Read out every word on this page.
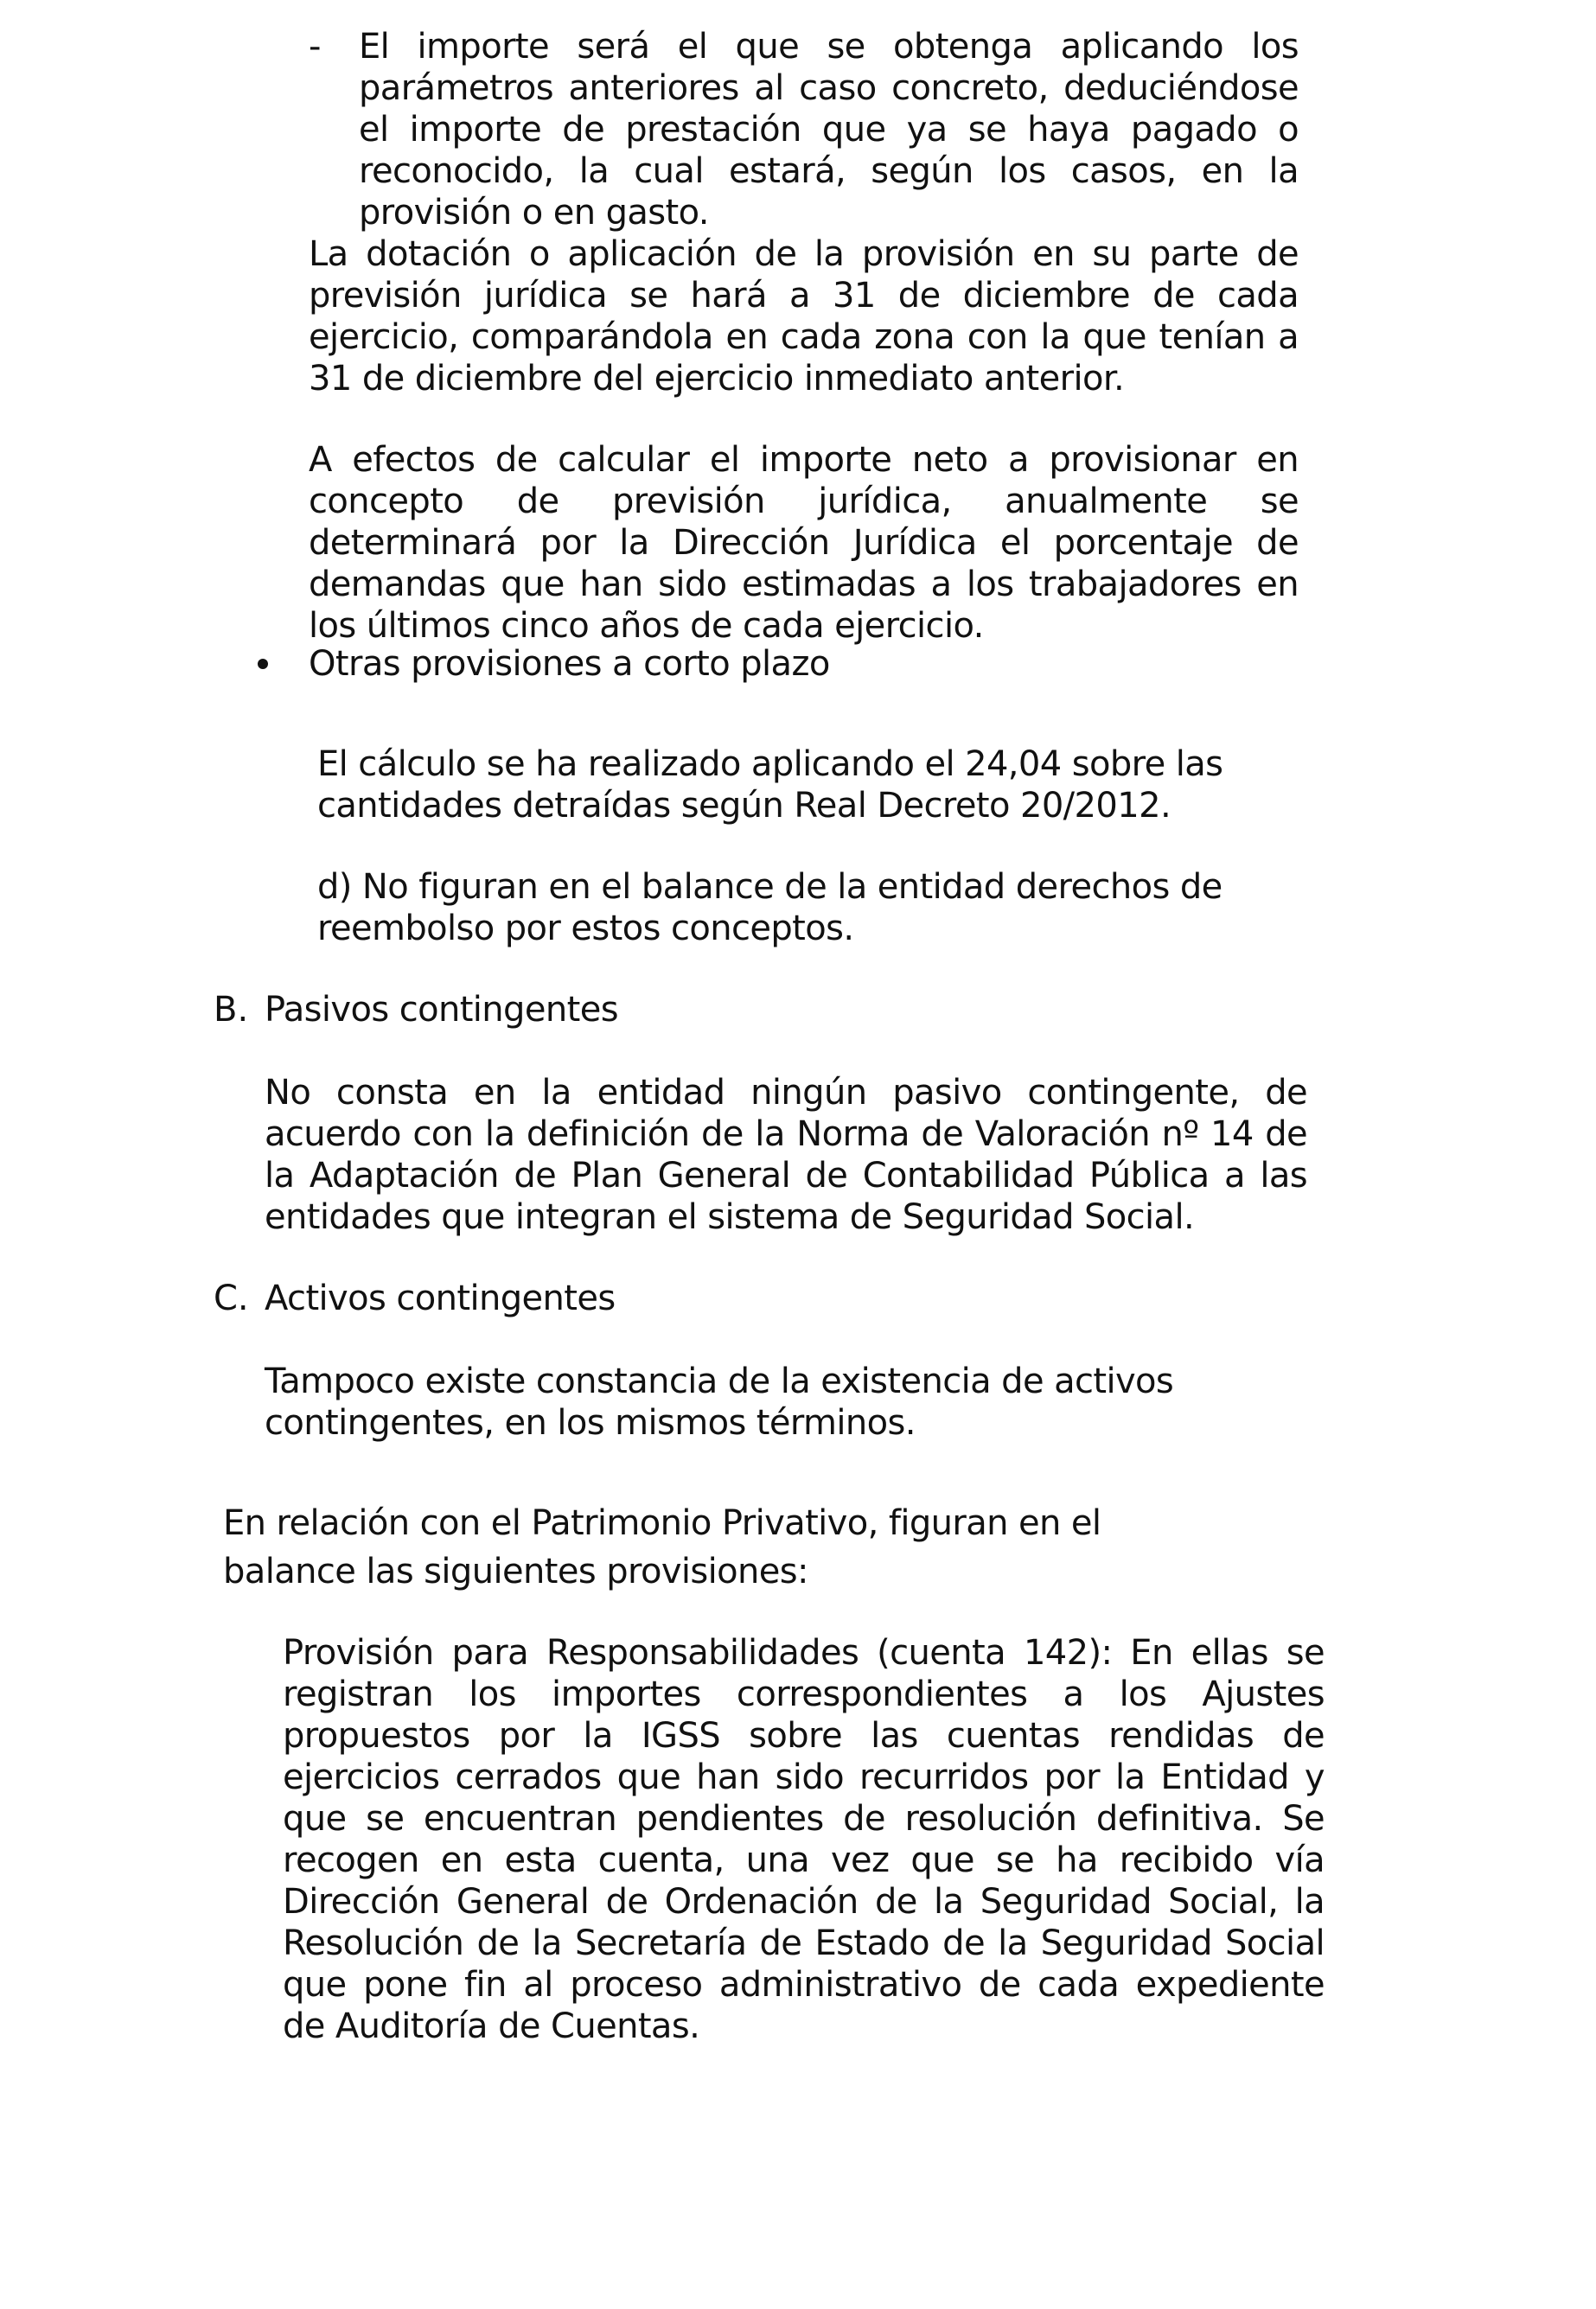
- El importe será el que se obtenga aplicando los parámetros anteriores al caso concreto, deduciéndose el importe de prestación que ya se haya pagado o reconocido, la cual estará, según los casos, en la provisión o en gasto.
La dotación o aplicación de la provisión en su parte de previsión jurídica se hará a 31 de diciembre de cada ejercicio, comparándola en cada zona con la que tenían a 31 de diciembre del ejercicio inmediato anterior.
A efectos de calcular el importe neto a provisionar en concepto de previsión jurídica, anualmente se determinará por la Dirección Jurídica el porcentaje de demandas que han sido estimadas a los trabajadores en los últimos cinco años de cada ejercicio.
Otras provisiones a corto plazo
El cálculo se ha realizado aplicando el 24,04 sobre las cantidades detraídas según Real Decreto 20/2012.
d) No figuran en el balance de la entidad derechos de reembolso por estos conceptos.
B. Pasivos contingentes
No consta en la entidad ningún pasivo contingente, de acuerdo con la definición de la Norma de Valoración nº 14 de la Adaptación de Plan General de Contabilidad Pública a las entidades que integran el sistema de Seguridad Social.
C. Activos contingentes
Tampoco existe constancia de la existencia de activos contingentes, en los mismos términos.
En relación con el Patrimonio Privativo, figuran en el balance las siguientes provisiones:
Provisión para Responsabilidades (cuenta 142): En ellas se registran los importes correspondientes a los Ajustes propuestos por la IGSS sobre las cuentas rendidas de ejercicios cerrados que han sido recurridos por la Entidad y que se encuentran pendientes de resolución definitiva. Se recogen en esta cuenta, una vez que se ha recibido vía Dirección General de Ordenación de la Seguridad Social, la Resolución de la Secretaría de Estado de la Seguridad Social que pone fin al proceso administrativo de cada expediente de Auditoría de Cuentas.
